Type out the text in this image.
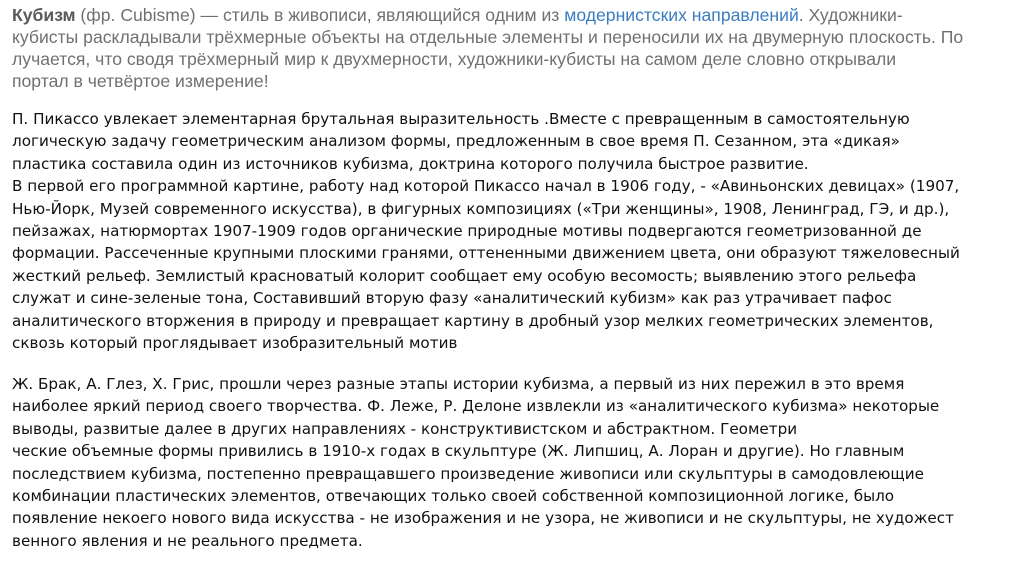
Кубизм (фр. Cubisme) — стиль в живописи, являющийся одним из модернистских направлений. Художники-
кубисты раскладывали трёхмерные объекты на отдельные элементы и переносили их на двумерную плоскость. По
лучается, что сводя трёхмерный мир к двухмерности, художники-кубисты на самом деле словно открывали
портал в четвёртое измерение!
П. Пикассо увлекает элементарная брутальная выразительность .Вместе с превращенным в самостоятельную
логическую задачу геометрическим анализом формы, предложенным в свое время П. Сезанном, эта «дикая»
пластика составила один из источников кубизма, доктрина которого получила быстрое развитие.
В первой его программной картине, работу над которой Пикассо начал в 1906 году, - «Авиньонских девицах» (1907,
Нью-Йорк, Музей современного искусства), в фигурных композициях («Три женщины», 1908, Ленинград, ГЭ, и др.),
пейзажах, натюрмортах 1907-1909 годов органические природные мотивы подвергаются геометризованной де
формации. Рассеченные крупными плоскими гранями, оттененными движением цвета, они образуют тяжеловесный
жесткий рельеф. Землистый красноватый колорит сообщает ему особую весомость; выявлению этого рельефа
служат и сине-зеленые тона, Составивший вторую фазу «аналитический кубизм» как раз утрачивает пафос
аналитического вторжения в природу и превращает картину в дробный узор мелких геометрических элементов,
сквозь который проглядывает изобразительный мотив
Ж. Брак, А. Глез, Х. Грис, прошли через разные этапы истории кубизма, а первый из них пережил в это время
наиболее яркий период своего творчества. Ф. Леже, Р. Делоне извлекли из «аналитического кубизма» некоторые
выводы, развитые далее в других направлениях - конструктивистском и абстрактном. Геометри
ческие объемные формы привились в 1910-х годах в скульптуре (Ж. Липшиц, А. Лоран и другие). Но главным
последствием кубизма, постепенно превращавшего произведение живописи или скульптуры в самодовлеющие
комбинации пластических элементов, отвечающих только своей собственной композиционной логике, было
появление некоего нового вида искусства - не изображения и не узора, не живописи и не скульптуры, не художест
венного явления и не реального предмета.
